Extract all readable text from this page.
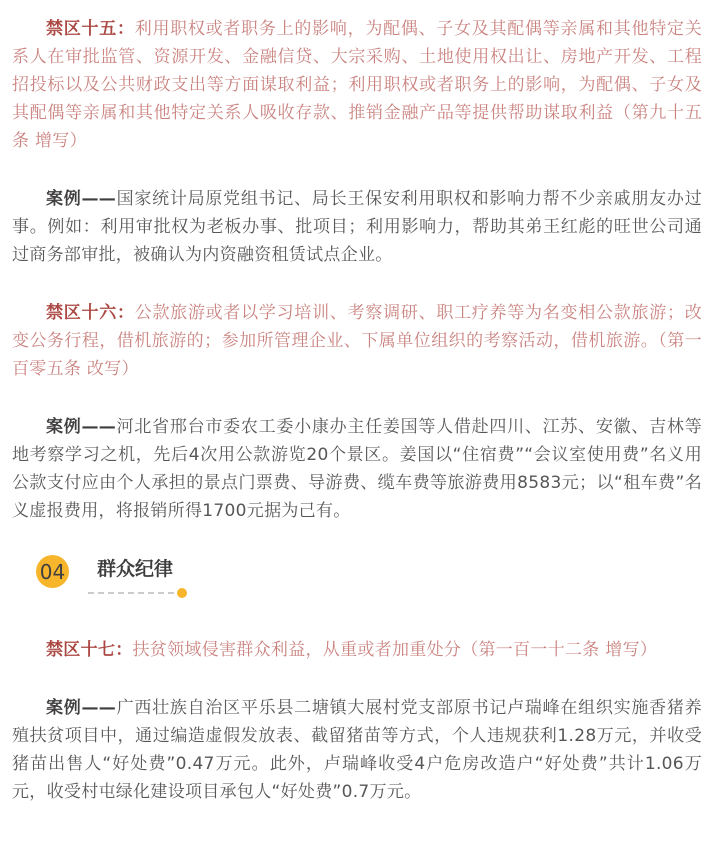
禁区十五：利用职权或者职务上的影响，为配偶、子女及其配偶等亲属和其他特定关系人在审批监管、资源开发、金融信贷、大宗采购、土地使用权出让、房地产开发、工程招投标以及公共财政支出等方面谋取利益；利用职权或者职务上的影响，为配偶、子女及其配偶等亲属和其他特定关系人吸收存款、推销金融产品等提供帮助谋取利益（第九十五条 增写）

案例——国家统计局原党组书记、局长王保安利用职权和影响力帮不少亲戚朋友办过事。例如：利用审批权为老板办事、批项目；利用影响力，帮助其弟王红彪的旺世公司通过商务部审批，被确认为内资融资租赁试点企业。

禁区十六：公款旅游或者以学习培训、考察调研、职工疗养等为名变相公款旅游；改变公务行程，借机旅游的；参加所管理企业、下属单位组织的考察活动，借机旅游。（第一百零五条 改写）

案例——河北省邢台市委农工委小康办主任姜国等人借赴四川、江苏、安徽、吉林等地考察学习之机，先后4次用公款游览20个景区。姜国以“住宿费”“会议室使用费”名义用公款支付应由个人承担的景点门票费、导游费、缆车费等旅游费用8583元；以“租车费”名义虚报费用，将报销所得1700元据为己有。

04 群众纪律

禁区十七：扶贫领域侵害群众利益，从重或者加重处分（第一百一十二条 增写）

案例——广西壮族自治区平乐县二塘镇大展村党支部原书记卢瑞峰在组织实施香猪养殖扶贫项目中，通过编造虚假发放表、截留猪苗等方式，个人违规获利1.28万元，并收受猪苗出售人“好处费”0.47万元。此外，卢瑞峰收受4户危房改造户“好处费”共计1.06万元，收受村屯绿化建设项目承包人“好处费”0.7万元。
